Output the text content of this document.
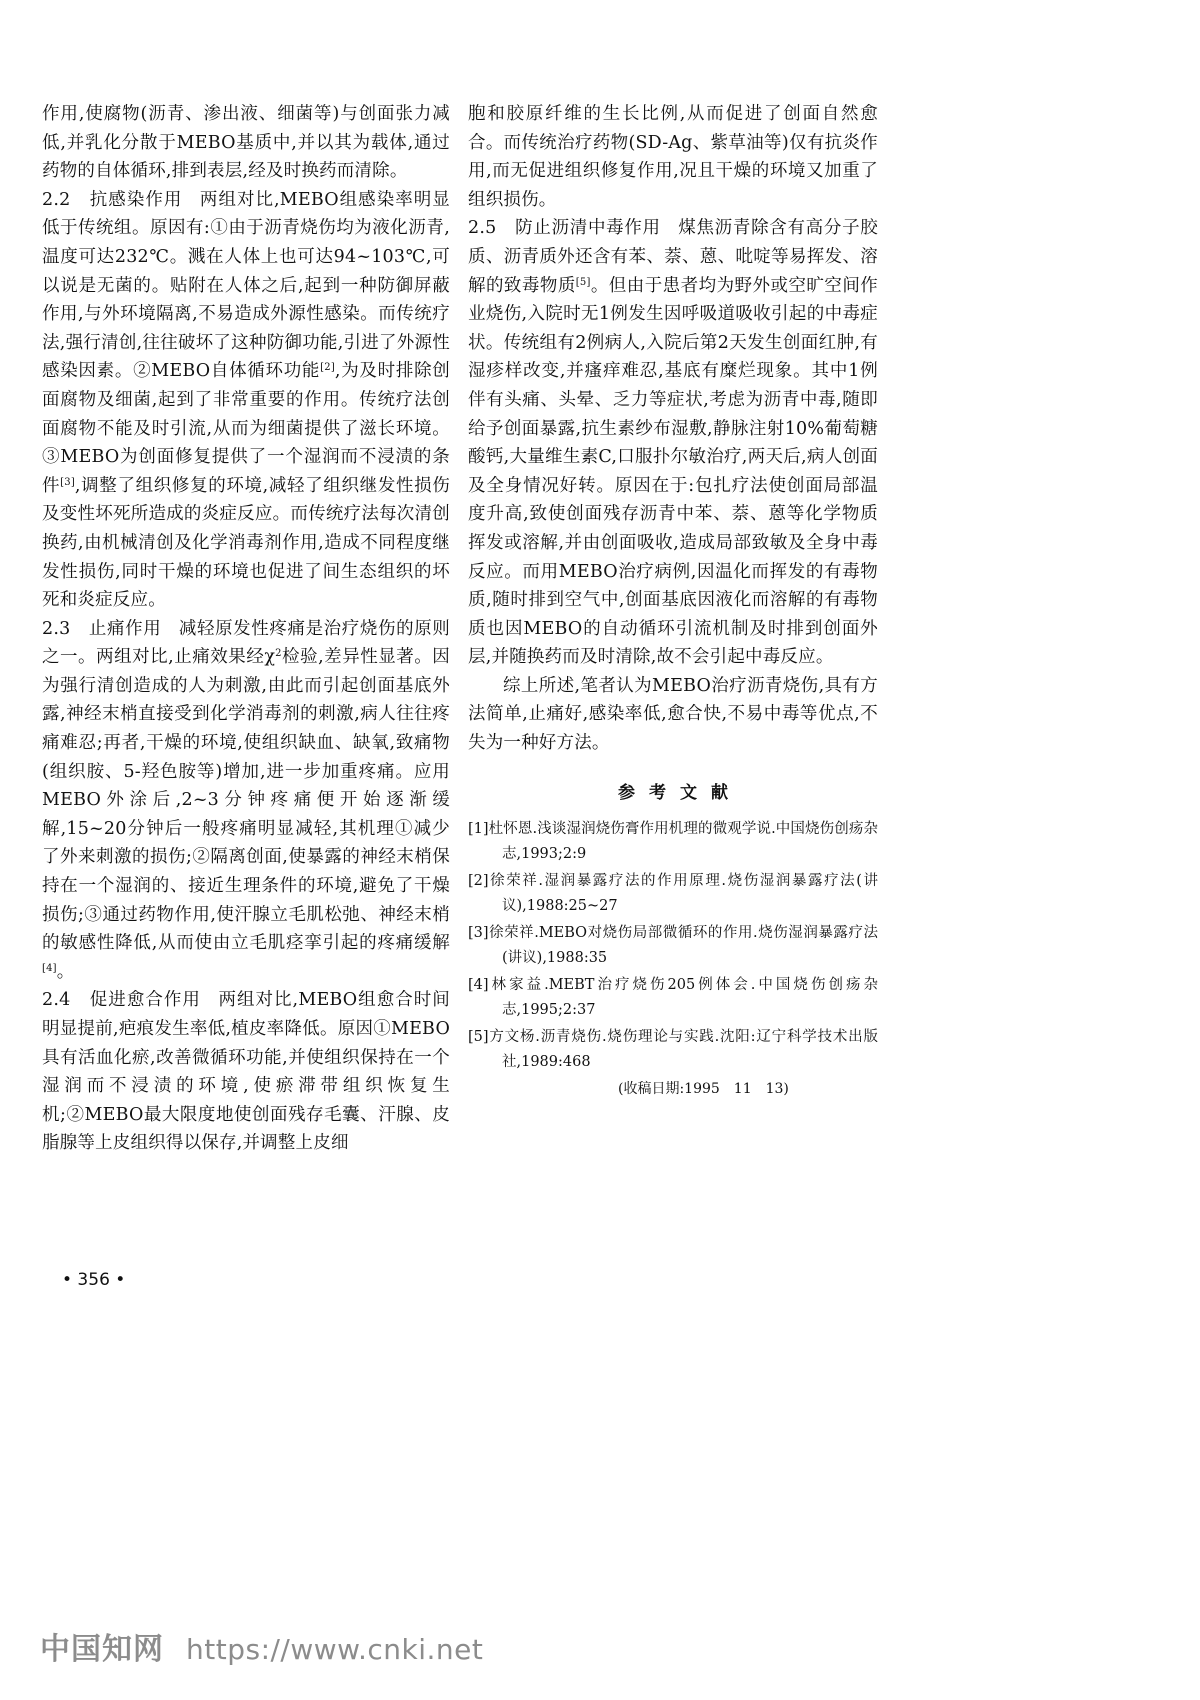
作用,使腐物(沥青、渗出液、细菌等)与创面张力减低,并乳化分散于MEBO基质中,并以其为载体,通过药物的自体循环,排到表层,经及时换药而清除。

2.2　抗感染作用 两组对比,MEBO组感染率明显低于传统组。原因有:①由于沥青烧伤均为液化沥青,温度可达232℃。溅在人体上也可达94~103℃,可以说是无菌的。贴附在人体之后,起到一种防御屏蔽作用,与外环境隔离,不易造成外源性感染。而传统疗法,强行清创,往往破坏了这种防御功能,引进了外源性感染因素。②MEBO自体循环功能[2],为及时排除创面腐物及细菌,起到了非常重要的作用。传统疗法创面腐物不能及时引流,从而为细菌提供了滋长环境。③MEBO为创面修复提供了一个湿润而不浸渍的条件[3],调整了组织修复的环境,减轻了组织继发性损伤及变性坏死所造成的炎症反应。而传统疗法每次清创换药,由机械清创及化学消毒剂作用,造成不同程度继发性损伤,同时干燥的环境也促进了间生态组织的坏死和炎症反应。

2.3　止痛作用 减轻原发性疼痛是治疗烧伤的原则之一。两组对比,止痛效果经$\chi^2$检验,差异性显著。因为强行清创造成的人为刺激,由此而引起创面基底外露,神经末梢直接受到化学消毒剂的刺激,病人往往疼痛难忍;再者,干燥的环境,使组织缺血、缺氧,致痛物(组织胺、5-羟色胺等)增加,进一步加重疼痛。应用MEBO外涂后,2~3分钟疼痛便开始逐渐缓解,15~20分钟后一般疼痛明显减轻,其机理①减少了外来刺激的损伤;②隔离创面,使暴露的神经末梢保持在一个湿润的、接近生理条件的环境,避免了干燥损伤;③通过药物作用,使汗腺立毛肌松弛、神经末梢的敏感性降低,从而使由立毛肌痉挛引起的疼痛缓解[4]。

2.4　促进愈合作用 两组对比,MEBO组愈合时间明显提前,疤痕发生率低,植皮率降低。原因①MEBO具有活血化瘀,改善微循环功能,并使组织保持在一个湿润而不浸渍的环境,使瘀滞带组织恢复生机;②MEBO最大限度地使创面残存毛囊、汗腺、皮脂腺等上皮组织得以保存,并调整上皮细

胞和胶原纤维的生长比例,从而促进了创面自然愈合。而传统治疗药物(SD-Ag、紫草油等)仅有抗炎作用,而无促进组织修复作用,况且干燥的环境又加重了组织损伤。

2.5　防止沥清中毒作用 煤焦沥青除含有高分子胶质、沥青质外还含有苯、萘、蒽、吡啶等易挥发、溶解的致毒物质[5]。但由于患者均为野外或空旷空间作业烧伤,入院时无1例发生因呼吸道吸收引起的中毒症状。传统组有2例病人,入院后第2天发生创面红肿,有湿疹样改变,并瘙痒难忍,基底有糜烂现象。其中1例伴有头痛、头晕、乏力等症状,考虑为沥青中毒,随即给予创面暴露,抗生素纱布湿敷,静脉注射10%葡萄糖酸钙,大量维生素C,口服扑尔敏治疗,两天后,病人创面及全身情况好转。原因在于:包扎疗法使创面局部温度升高,致使创面残存沥青中苯、萘、蒽等化学物质挥发或溶解,并由创面吸收,造成局部致敏及全身中毒反应。而用MEBO治疗病例,因温化而挥发的有毒物质,随时排到空气中,创面基底因液化而溶解的有毒物质也因MEBO的自动循环引流机制及时排到创面外层,并随换药而及时清除,故不会引起中毒反应。

综上所述,笔者认为MEBO治疗沥青烧伤,具有方法简单,止痛好,感染率低,愈合快,不易中毒等优点,不失为一种好方法。

参考文献

[1]杜怀恩.浅谈湿润烧伤膏作用机理的微观学说.中国烧伤创疡杂志,1993;2:9

[2]徐荣祥.湿润暴露疗法的作用原理.烧伤湿润暴露疗法(讲议),1988:25~27

[3]徐荣祥.MEBO对烧伤局部微循环的作用.烧伤湿润暴露疗法(讲议),1988:35

[4]林家益.MEBT治疗烧伤205例体会.中国烧伤创疡杂志,1995;2:37

[5]方文杨.沥青烧伤.烧伤理论与实践.沈阳:辽宁科学技术出版社,1989:468

(收稿日期:1995　11　13)
• 356 •
中国知网 https://www.cnki.net
